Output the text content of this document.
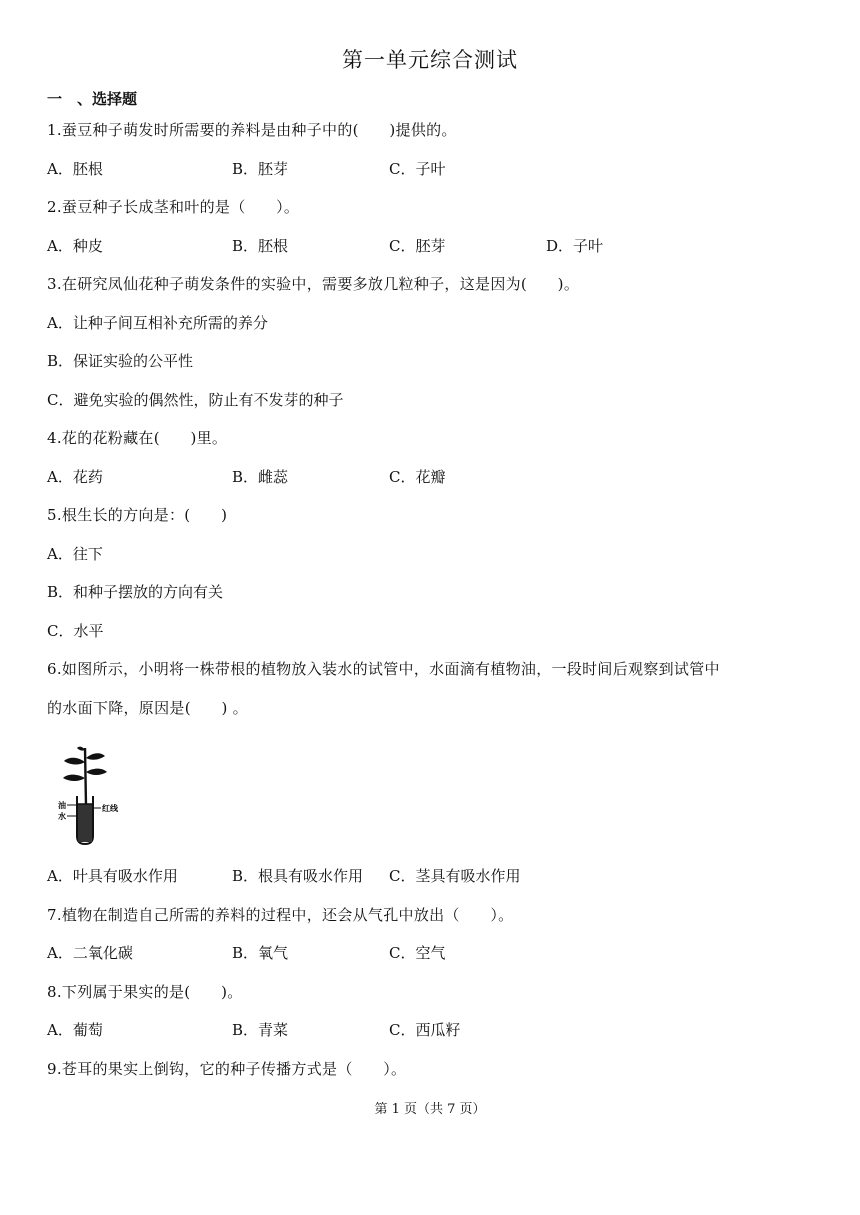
第一单元综合测试
一　、选择题
1.蚕豆种子萌发时所需要的养料是由种子中的(　　)提供的。
A．胚根	B．胚芽	C．子叶
2.蚕豆种子长成茎和叶的是（　　）。
A．种皮	B．胚根	C．胚芽	D．子叶
3.在研究凤仙花种子萌发条件的实验中，需要多放几粒种子，这是因为(　　)。
A．让种子间互相补充所需的养分
B．保证实验的公平性
C．避免实验的偶然性，防止有不发芽的种子
4.花的花粉藏在(　　)里。
A．花药	B．雌蕊	C．花瓣
5.根生长的方向是：(　　)
A．往下
B．和种子摆放的方向有关
C．水平
6.如图所示，小明将一株带根的植物放入装水的试管中，水面滴有植物油，一段时间后观察到试管中
的水面下降，原因是(　　) 。
油
水
红线
A．叶具有吸水作用	B．根具有吸水作用 C．茎具有吸水作用
7.植物在制造自己所需的养料的过程中，还会从气孔中放出（　　）。
A．二氧化碳	B．氧气	C．空气
8.下列属于果实的是(　　)。
A．葡萄	B．青菜	C．西瓜籽
9.苍耳的果实上倒钩，它的种子传播方式是（　　）。
第 1 页（共 7 页）
